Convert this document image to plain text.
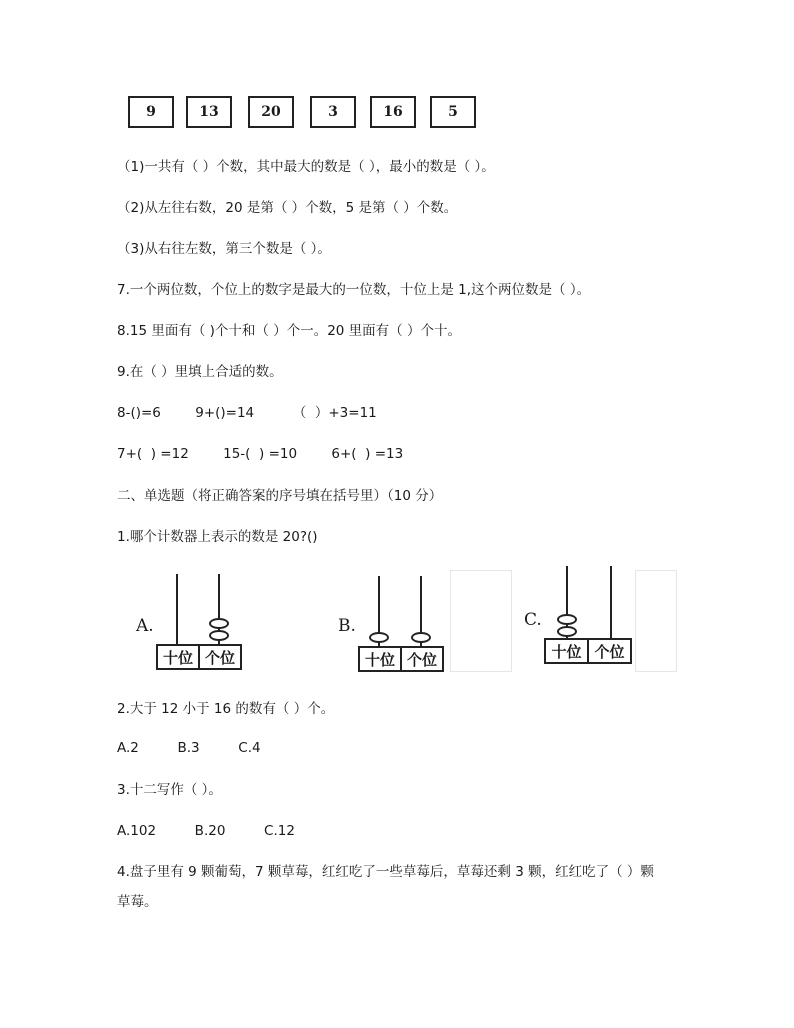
9	13	20	3	16	5
（1)一共有（ ）个数，其中最大的数是（ ），最小的数是（ ）。
（2)从左往右数，20 是第（ ）个数，5 是第（ ）个数。
（3)从右往左数，第三个数是（ ）。
7.一个两位数，个位上的数字是最大的一位数，十位上是 1,这个两位数是（ ）。
8.15 里面有（ )个十和（ ）个一。20 里面有（ ）个十。
9.在（ ）里填上合适的数。
8-()=6        9+()=14         （  ）+3=11
7+(  ) =12        15-(  ) =10        6+(  ) =13
二、单选题（将正确答案的序号填在括号里）（10 分）
1.哪个计数器上表示的数是 20?()
A.
十位 个位
B.
十位 个位
C.
十位 个位
2.大于 12 小于 16 的数有（ ）个。
A.2         B.3         C.4
3.十二写作（ ）。
A.102         B.20         C.12
4.盘子里有 9 颗葡萄，7 颗草莓，红红吃了一些草莓后，草莓还剩 3 颗，红红吃了（ ）颗
草莓。
